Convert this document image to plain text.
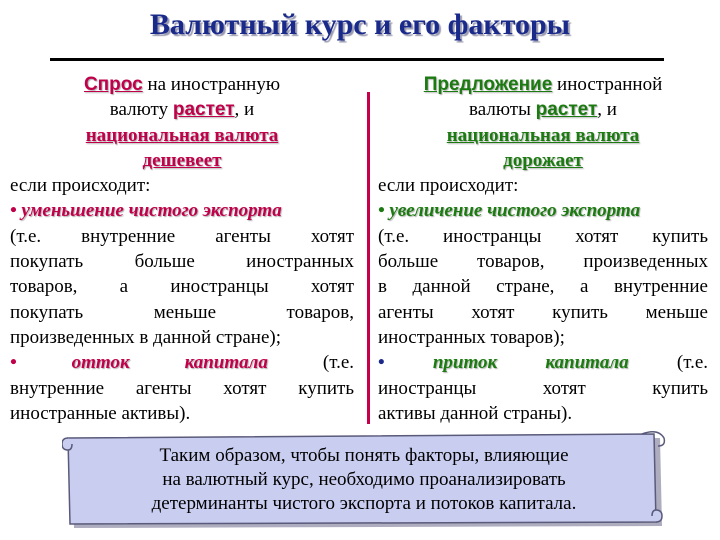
Валютный курс и его факторы
Спрос на иностранную
валюту растет, и
национальная валюта
дешевеет
если происходит:
• уменьшение чистого экспорта
(т.е. внутренние агенты хотят
покупать больше иностранных
товаров, а иностранцы хотят
покупать меньше товаров,
произведенных в данной стране);
•	отток	капитала	(т.е.
внутренние агенты хотят купить
иностранные активы).
Предложение иностранной
валюты растет, и
национальная валюта
дорожает
если происходит:
• увеличение чистого экспорта
(т.е. иностранцы хотят купить
больше товаров, произведенных
в данной стране, а внутренние
агенты хотят купить меньше
иностранных товаров);
•	приток	капитала	(т.е.
иностранцы хотят купить
активы данной страны).
Таким образом, чтобы понять факторы, влияющие
на валютный курс, необходимо проанализировать
детерминанты чистого экспорта и потоков капитала.
